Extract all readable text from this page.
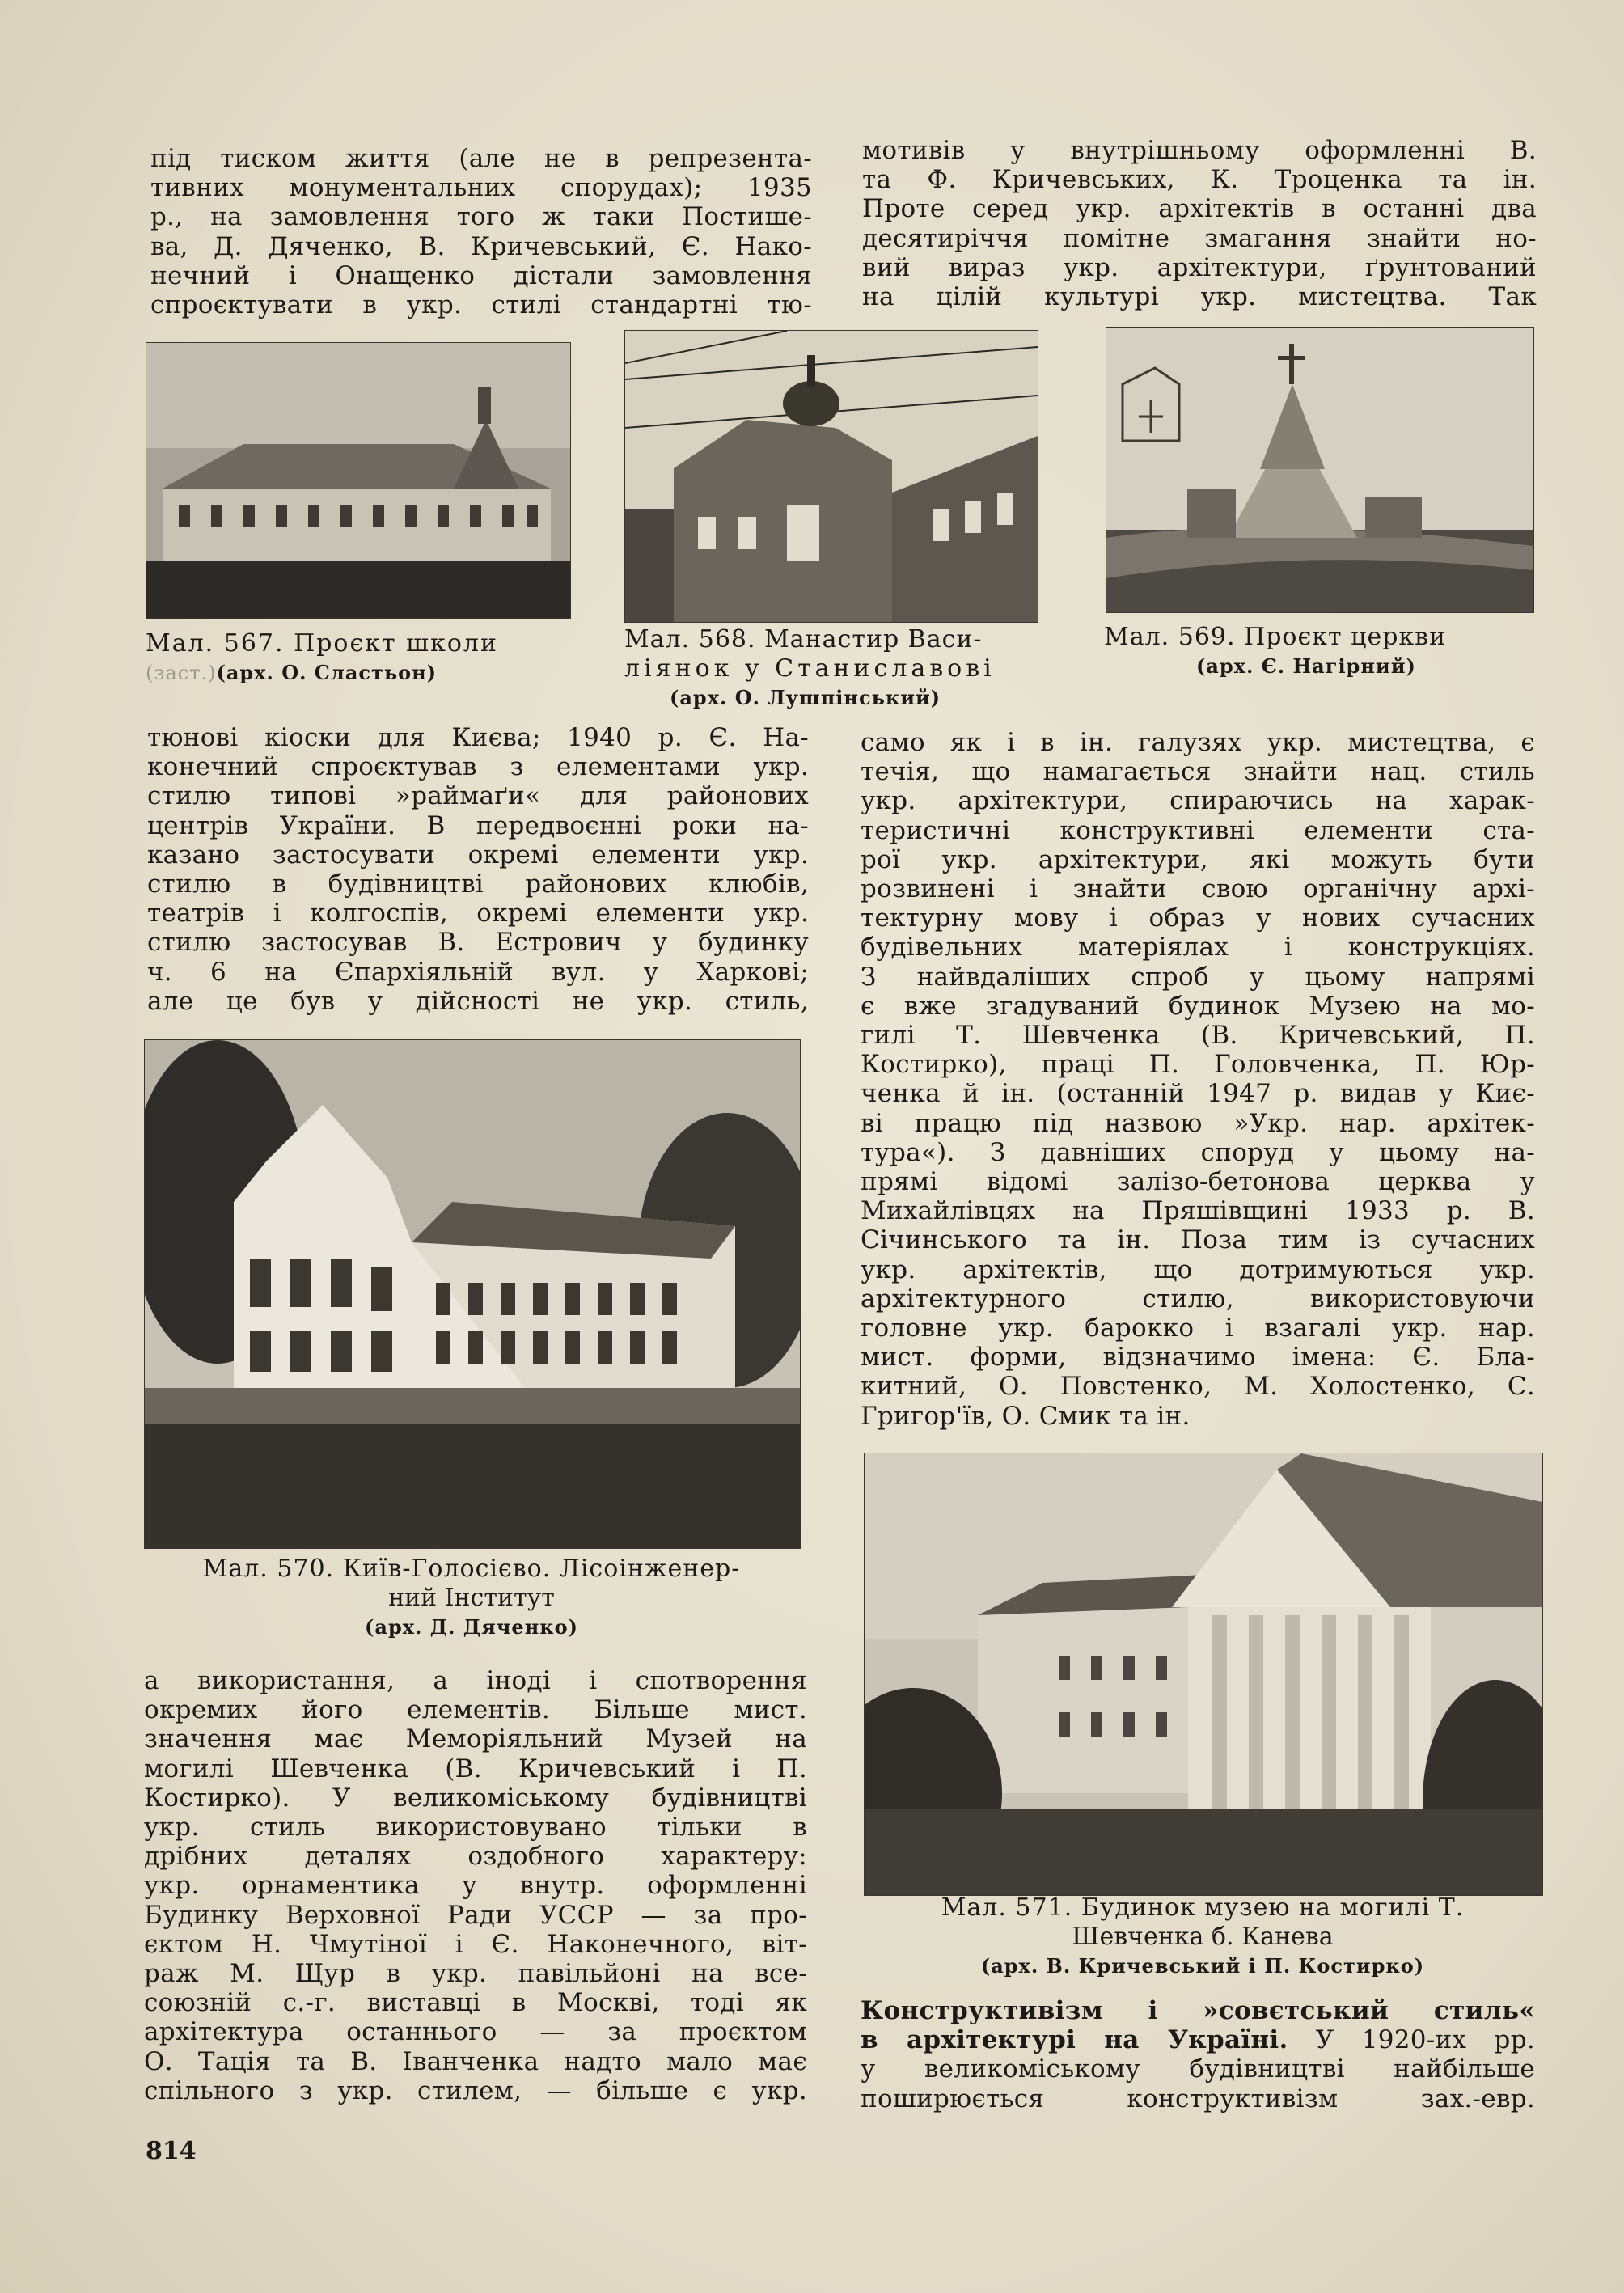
під тиском життя (але не в репрезента-
тивних монументальних спорудах); 1935
р., на замовлення того ж таки Постише-
ва, Д. Дяченко, В. Кричевський, Є. Нако-
нечний і Онащенко дістали замовлення
спроєктувати в укр. стилі стандартні тю-
мотивів у внутрішньому оформленні В.
та Ф. Кричевських, К. Троценка та ін.
Проте серед укр. архітектів в останні два
десятиріччя помітне змагання знайти но-
вий вираз укр. архітектури, ґрунтований
на цілій культурі укр. мистецтва. Так
Мал. 567. Проєкт школи
(заст.)(арх. О. Сластьон)
Мал. 568. Манастир Васи-
ліянок у Станиславові
(арх. О. Лушпінський)
Мал. 569. Проєкт церкви
(арх. Є. Нагірний)
тюнові кіоски для Києва; 1940 р. Є. На-
конечний спроєктував з елементами укр.
стилю типові »раймаґи« для районових
центрів України. В передвоєнні роки на-
казано застосувати окремі елементи укр.
стилю в будівництві районових клюбів,
театрів і колгоспів, окремі елементи укр.
стилю застосував В. Естрович у будинку
ч. 6 на Єпархіяльній вул. у Харкові;
але це був у дійсності не укр. стиль,
само як і в ін. галузях укр. мистецтва, є
течія, що намагається знайти нац. стиль
укр. архітектури, спираючись на харак-
теристичні конструктивні елементи ста-
рої укр. архітектури, які можуть бути
розвинені і знайти свою органічну архі-
тектурну мову і образ у нових сучасних
будівельних матеріялах і конструкціях.
З найвдаліших спроб у цьому напрямі
є вже згадуваний будинок Музею на мо-
гилі Т. Шевченка (В. Кричевський, П.
Костирко), праці П. Головченка, П. Юр-
ченка й ін. (останній 1947 р. видав у Киє-
ві працю під назвою »Укр. нар. архітек-
тура«). З давніших споруд у цьому на-
прямі відомі залізо-бетонова церква у
Михайлівцях на Пряшівщині 1933 р. В.
Січинського та ін. Поза тим із сучасних
укр. архітектів, що дотримуються укр.
архітектурного стилю, використовуючи
головне укр. барокко і взагалі укр. нар.
мист. форми, відзначимо імена: Є. Бла-
китний, О. Повстенко, М. Холостенко, С.
Григор'їв, О. Смик та ін.
Мал. 570. Київ-Голосієво. Лісоінженер-
ний Інститут
(арх. Д. Дяченко)
а використання, а іноді і спотворення
окремих його елементів. Більше мист.
значення має Меморіяльний Музей на
могилі Шевченка (В. Кричевський і П.
Костирко). У великоміському будівництві
укр. стиль використовувано тільки в
дрібних деталях оздобного характеру:
укр. орнаментика у внутр. оформленні
Будинку Верховної Ради УССР — за про-
єктом Н. Чмутіної і Є. Наконечного, віт-
раж М. Щур в укр. павільйоні на все-
союзній с.-г. виставці в Москві, тоді як
архітектура останнього — за проєктом
О. Тація та В. Іванченка надто мало має
спільного з укр. стилем, — більше є укр.
Мал. 571. Будинок музею на могилі Т.
Шевченка б. Канева
(арх. В. Кричевський і П. Костирко)
Конструктивізм і »совєтський стиль«
в архітектурі на Україні. У 1920-их рр.
у великоміському будівництві найбільше
поширюється конструктивізм зах.-евр.
814
